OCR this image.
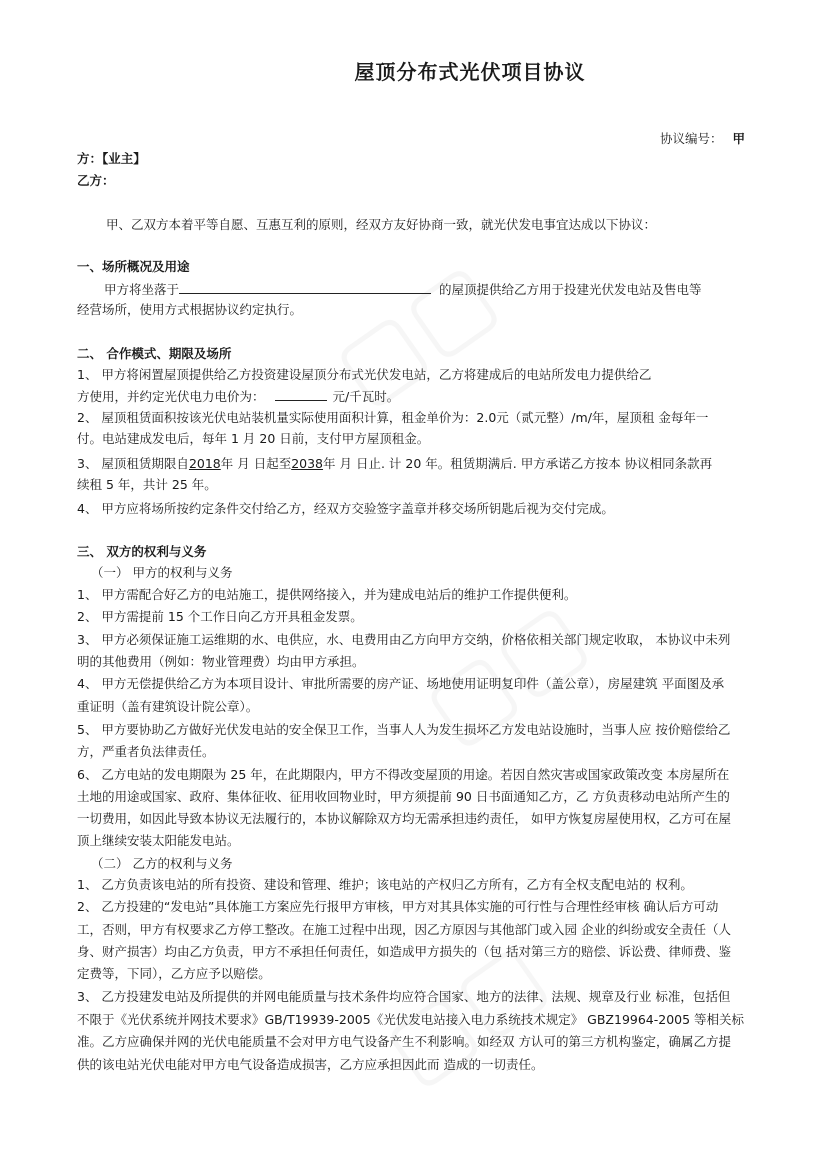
屋顶分布式光伏项目协议
协议编号： 甲
方：【业主】
乙方：
甲、乙双方本着平等自愿、互惠互利的原则，经双方友好协商一致，就光伏发电事宜达成以下协议：
一、场所概况及用途
甲方将坐落于	的屋顶提供给乙方用于投建光伏发电站及售电等
经营场所，使用方式根据协议约定执行。
二、 合作模式、期限及场所
1、 甲方将闲置屋顶提供给乙方投资建设屋顶分布式光伏发电站，乙方将建成后的电站所发电力提供给乙
方使用，并约定光伏电力电价为：	元/千瓦时。
2、 屋顶租赁面积按该光伏电站装机量实际使用面积计算，租金单价为：2.0元（贰元整）/m/年，屋顶租 金每年一
付。电站建成发电后，每年 1 月 20 日前，支付甲方屋顶租金。
3、 屋顶租赁期限自2018年 月 日起至2038年 月 日止. 计 20 年。租赁期满后. 甲方承诺乙方按本 协议相同条款再
续租 5 年，共计 25 年。
4、 甲方应将场所按约定条件交付给乙方，经双方交验签字盖章并移交场所钥匙后视为交付完成。
三、 双方的权利与义务
（一） 甲方的权利与义务
1、 甲方需配合好乙方的电站施工，提供网络接入，并为建成电站后的维护工作提供便利。
2、 甲方需提前 15 个工作日向乙方开具租金发票。
3、 甲方必须保证施工运维期的水、电供应，水、电费用由乙方向甲方交纳，价格依相关部门规定收取， 本协议中未列
明的其他费用（例如：物业管理费）均由甲方承担。
4、 甲方无偿提供给乙方为本项目设计、审批所需要的房产证、场地使用证明复印件（盖公章），房屋建筑 平面图及承
重证明（盖有建筑设计院公章）。
5、 甲方要协助乙方做好光伏发电站的安全保卫工作，当事人人为发生损坏乙方发电站设施时，当事人应 按价赔偿给乙
方，严重者负法律责任。
6、 乙方电站的发电期限为 25 年，在此期限内，甲方不得改变屋顶的用途。若因自然灾害或国家政策改变 本房屋所在
土地的用途或国家、政府、集体征收、征用收回物业时，甲方须提前 90 日书面通知乙方，乙 方负责移动电站所产生的
一切费用，如因此导致本协议无法履行的，本协议解除双方均无需承担违约责任， 如甲方恢复房屋使用权，乙方可在屋
顶上继续安装太阳能发电站。
（二） 乙方的权利与义务
1、 乙方负责该电站的所有投资、建设和管理、维护；该电站的产权归乙方所有，乙方有全权支配电站的 权利。
2、 乙方投建的“发电站”具体施工方案应先行报甲方审核，甲方对其具体实施的可行性与合理性经审核 确认后方可动
工，否则，甲方有权要求乙方停工整改。在施工过程中出现，因乙方原因与其他部门或入园 企业的纠纷或安全责任（人
身、财产损害）均由乙方负责，甲方不承担任何责任，如造成甲方损失的（包 括对第三方的赔偿、诉讼费、律师费、鉴
定费等，下同），乙方应予以赔偿。
3、 乙方投建发电站及所提供的并网电能质量与技术条件均应符合国家、地方的法律、法规、规章及行业 标准，包括但
不限于《光伏系统并网技术要求》GB/T19939-2005《光伏发电站接入电力系统技术规定》 GBZ19964-2005 等相关标
准。乙方应确保并网的光伏电能质量不会对甲方电气设备产生不利影响。如经双 方认可的第三方机构鉴定，确属乙方提
供的该电站光伏电能对甲方电气设备造成损害，乙方应承担因此而 造成的一切责任。
